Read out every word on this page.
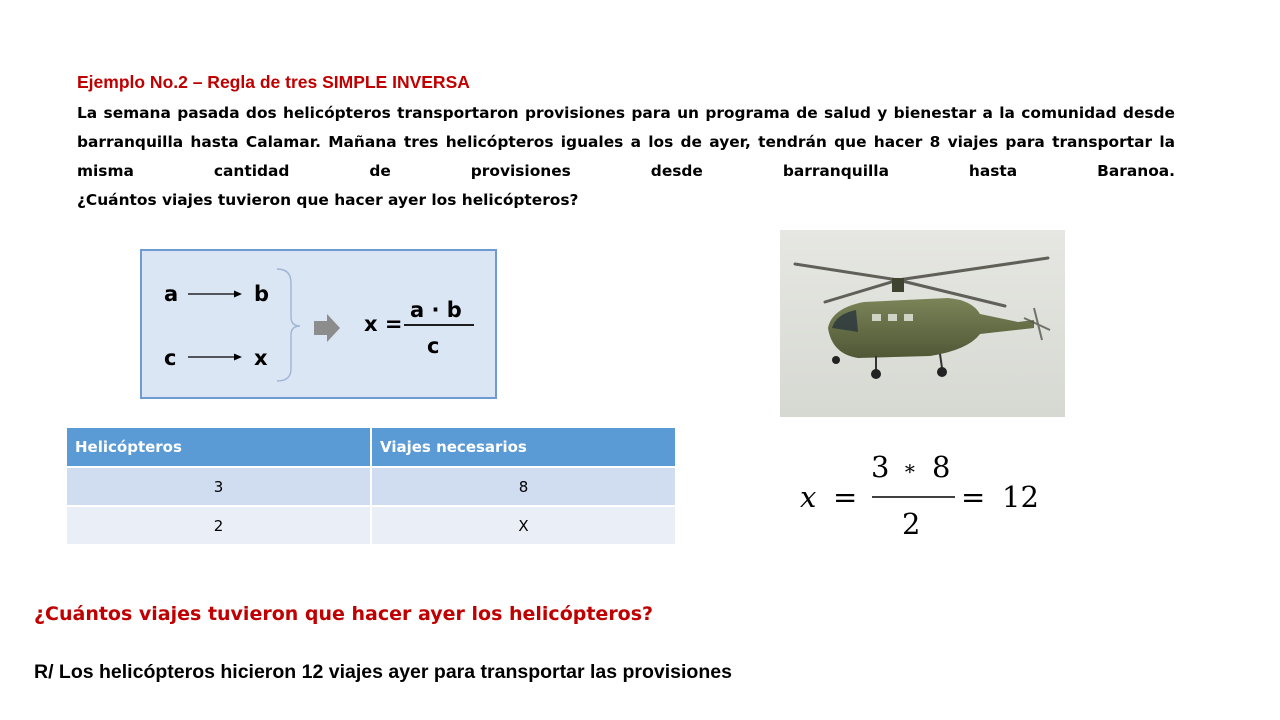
Ejemplo No.2 – Regla de tres SIMPLE INVERSA
La semana pasada dos helicópteros transportaron provisiones para un programa de salud y bienestar a la comunidad desde barranquilla hasta Calamar. Mañana tres helicópteros iguales a los de ayer, tendrán que hacer 8 viajes para transportar la misma cantidad de provisiones desde barranquilla hasta Baranoa.
¿Cuántos viajes tuvieron que hacer ayer los helicópteros?
a	b
c	x
x =
a · b
c
Helicópteros	Viajes necesarios
3	8
2	X
x =
3 ∗ 8
2
= 12
¿Cuántos viajes tuvieron que hacer ayer los helicópteros?
R/ Los helicópteros hicieron 12 viajes ayer para transportar las provisiones
